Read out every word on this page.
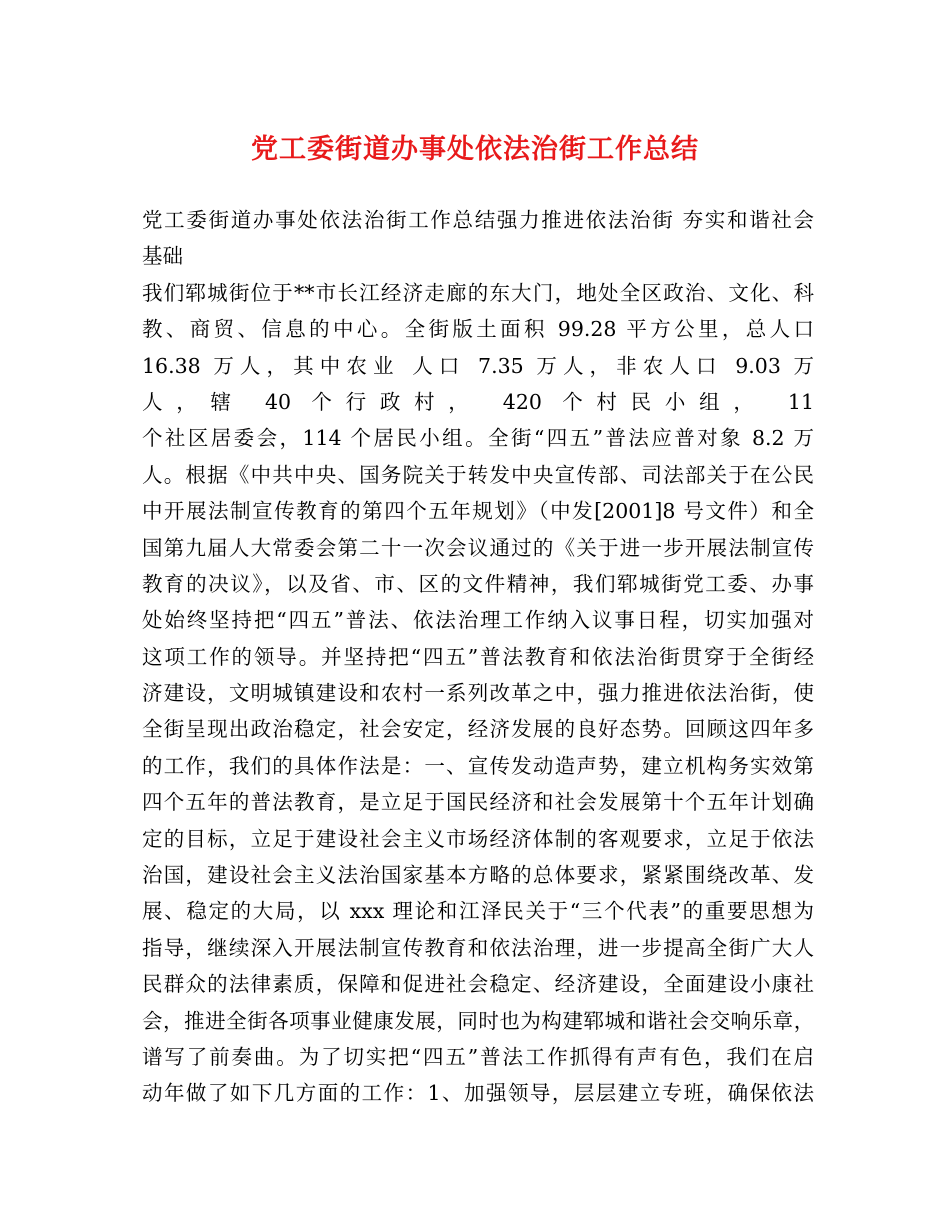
党工委街道办事处依法治街工作总结
党工委街道办事处依法治街工作总结强力推进依法治街 夯实和谐社会
基础
我们郓城街位于**市长江经济走廊的东大门，地处全区政治、文化、科
教、商贸、信息的中心。全街版土面积 99.28 平方公里，总人口
16.38 万人，其中农业 人口 7.35 万人，非农人口 9.03 万
人，辖 40 个行政村， 420 个村民小组， 11
个社区居委会，114 个居民小组。全街“四五”普法应普对象 8.2 万
人。根据《中共中央、国务院关于转发中央宣传部、司法部关于在公民
中开展法制宣传教育的第四个五年规划》（中发[2001]8 号文件）和全
国第九届人大常委会第二十一次会议通过的《关于进一步开展法制宣传
教育的决议》，以及省、市、区的文件精神，我们郓城街党工委、办事
处始终坚持把“四五”普法、依法治理工作纳入议事日程，切实加强对
这项工作的领导。并坚持把“四五”普法教育和依法治街贯穿于全街经
济建设，文明城镇建设和农村一系列改革之中，强力推进依法治街，使
全街呈现出政治稳定，社会安定，经济发展的良好态势。回顾这四年多
的工作，我们的具体作法是：一、宣传发动造声势，建立机构务实效第
四个五年的普法教育，是立足于国民经济和社会发展第十个五年计划确
定的目标，立足于建设社会主义市场经济体制的客观要求，立足于依法
治国，建设社会主义法治国家基本方略的总体要求，紧紧围绕改革、发
展、稳定的大局，以 xxx 理论和江泽民关于“三个代表”的重要思想为
指导，继续深入开展法制宣传教育和依法治理，进一步提高全街广大人
民群众的法律素质，保障和促进社会稳定、经济建设，全面建设小康社
会，推进全街各项事业健康发展，同时也为构建郓城和谐社会交响乐章，
谱写了前奏曲。为了切实把“四五”普法工作抓得有声有色，我们在启
动年做了如下几方面的工作：1、加强领导，层层建立专班，确保依法
